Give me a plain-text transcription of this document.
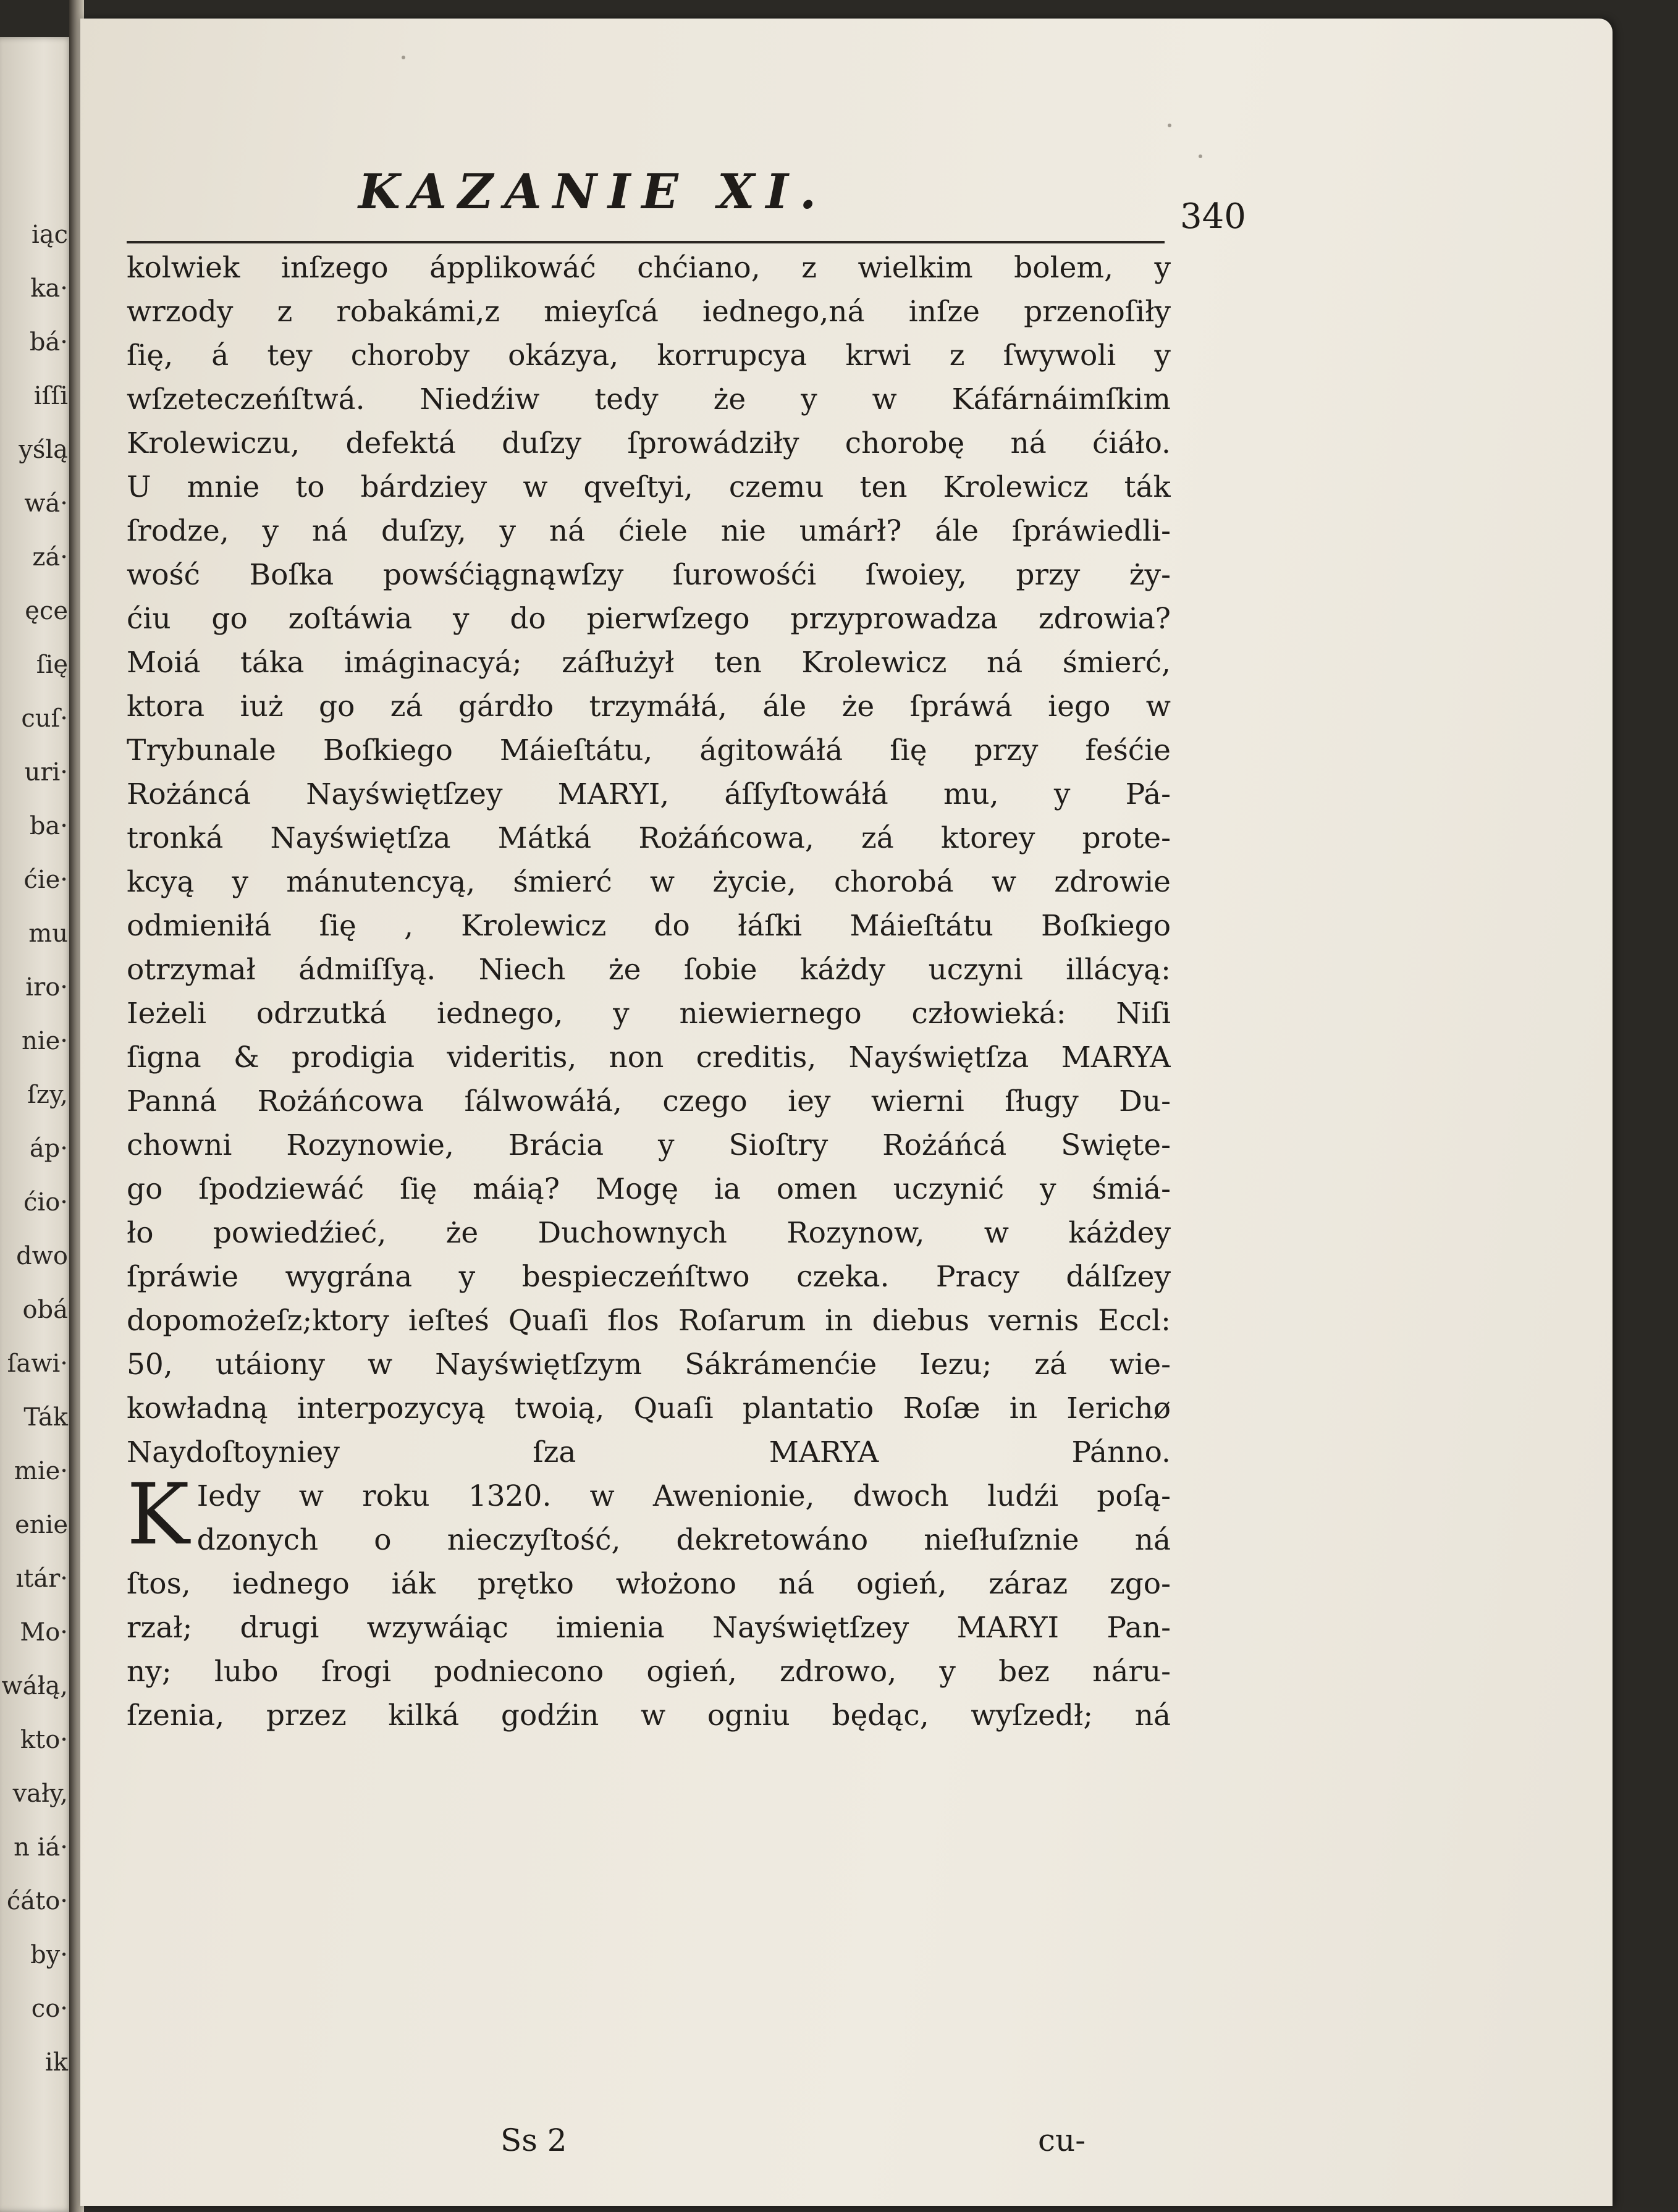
iąc
ka·
bá·
iſſi
yślą
wá·
zá·
ęce
ſię
cuſ·
uri·
ba·
ćie·
mu
iro·
nie·
ſzy,
áp·
ćio·
dwo
obá
ſawi·
Ták
mie·
enie
ıtár·
Mo·
wáłą,
kto·
vały,
n iá·
ćáto·
by·
co·
ik
KAZANIE XI.	340
kolwiek inſzego ápplikowáć chćiano, z wielkim bolem, y
wrzody z robakámi,z mieyſcá iednego,ná inſze przenoſiły
ſię, á tey choroby okázya, korrupcya krwi z ſwywoli y
wſzeteczeńſtwá. Niedźiw tedy że y w Káfárnáimſkim
Krolewiczu, defektá duſzy ſprowádziły chorobę ná ćiáło.
U mnie to bárdziey w qveſtyi, czemu ten Krolewicz ták
ſrodze, y ná duſzy, y ná ćiele nie umárł? ále ſpráwiedli-
wość Boſka powśćiągnąwſzy ſurowośći ſwoiey, przy ży-
ćiu go zoſtáwia y do pierwſzego przyprowadza zdrowia?
Moiá táka imáginacyá; záſłużył ten Krolewicz ná śmierć,
ktora iuż go zá gárdło trzymáłá, ále że ſpráwá iego w
Trybunale Boſkiego Máieſtátu, ágitowáłá ſię przy feśćie
Rożáncá Nayświętſzey MARYI, áſſyſtowáłá mu, y Pá-
tronká Nayświętſza Mátká Rożáńcowa, zá ktorey prote-
kcyą y mánutencyą, śmierć w życie, chorobá w zdrowie
odmieniłá ſię , Krolewicz do łáſki Máieſtátu Boſkiego
otrzymał ádmiſſyą. Niech że ſobie káżdy uczyni illácyą:
Ieżeli odrzutká iednego, y niewiernego człowieká: Niſi
ſigna & prodigia videritis, non creditis, Nayświętſza MARYA
Panná Rożáńcowa ſálwowáłá, czego iey wierni ſługy Du-
chowni Rozynowie, Brácia y Sioſtry Rożáńcá Swięte-
go ſpodziewáć ſię máią? Mogę ia omen uczynić y śmiá-
ło powiedźieć, że Duchownych Rozynow, w káżdey
ſpráwie wygrána y bespieczeńſtwo czeka. Pracy dálſzey
dopomożeſz;ktory ieſteś Quaſi flos Roſarum in diebus vernis Eccl:
50, utáiony w Nayświętſzym Sákrámenćie Iezu; zá wie-
kowładną interpozycyą twoią, Quaſi plantatio Roſæ in Ierichø
Naydoſtoyniey ſza MARYA Pánno.
K Iedy w roku 1320. w Awenionie, dwoch ludźi poſą-
dzonych o nieczyſtość, dekretowáno nieſłuſznie ná
ſtos, iednego iák prętko włożono ná ogień, záraz zgo-
rzał; drugi wzywáiąc imienia Nayświętſzey MARYI Pan-
ny; lubo ſrogi podniecono ogień, zdrowo, y bez náru-
ſzenia, przez kilká godźin w ogniu będąc, wyſzedł; ná
Ss 2	cu-
